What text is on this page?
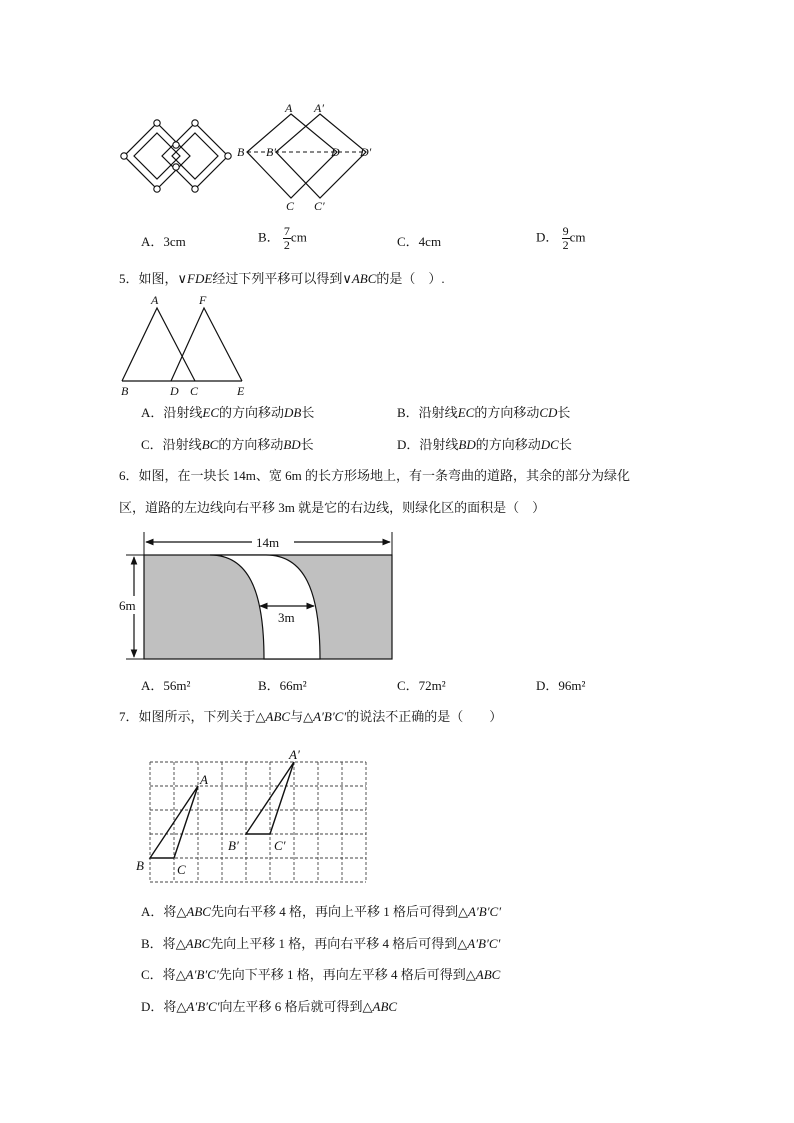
A A′
B B′	D D′
C C′
A．3cm	B． $\frac{7}{2}$ cm	C．4cm	D． $\frac{9}{2}$ cm
5．如图，∨FDE经过下列平移可以得到∨ABC的是（　）.
A	F
B	D C	E
A．沿射线EC的方向移动DB长	B．沿射线EC的方向移动CD长
C．沿射线BC的方向移动BD长	D．沿射线BD的方向移动DC长
6．如图，在一块长 14m、宽 6m 的长方形场地上，有一条弯曲的道路，其余的部分为绿化
区，道路的左边线向右平移 3m 就是它的右边线，则绿化区的面积是（　）
14m
6m
3m
A．56m²	B．66m²	C．72m²	D．96m²
7．如图所示，下列关于△ABC与△A′B′C′的说法不正确的是（　　）
A
B	C
A′
B′	C′
A．将△ABC先向右平移 4 格，再向上平移 1 格后可得到△A′B′C′
B．将△ABC先向上平移 1 格，再向右平移 4 格后可得到△A′B′C′
C．将△A′B′C′先向下平移 1 格，再向左平移 4 格后可得到△ABC
D．将△A′B′C′向左平移 6 格后就可得到△ABC
